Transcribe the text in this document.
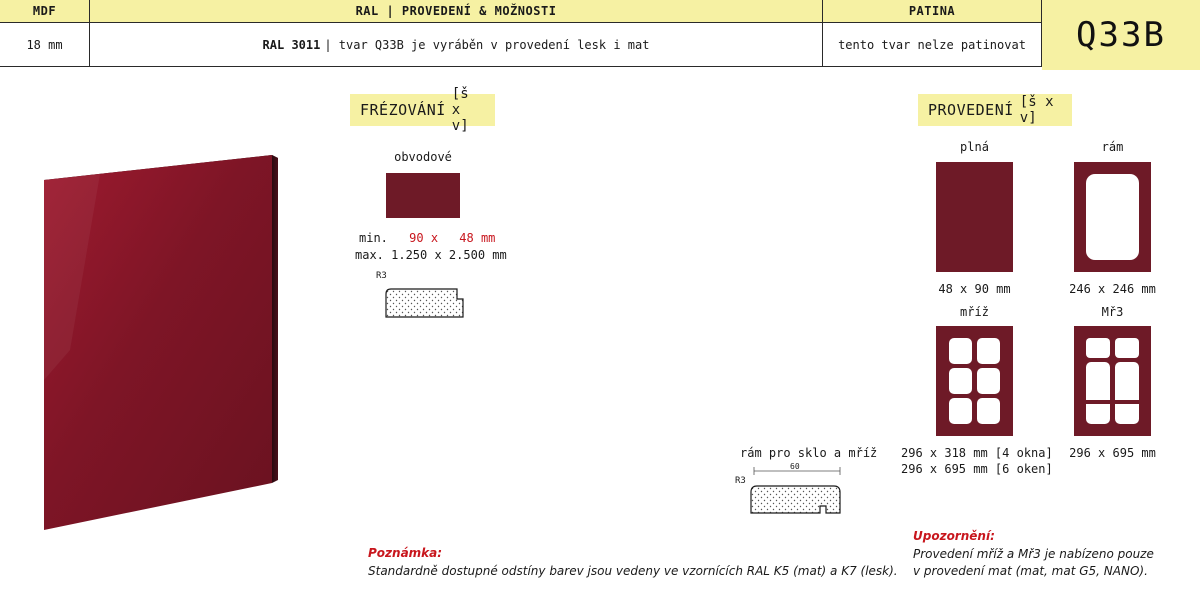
MDF	RAL | PROVEDENÍ & MOŽNOSTI	PATINA
18 mm	RAL 3011 | tvar Q33B je vyráběn v provedení lesk i mat	tento tvar nelze patinovat	Q33B
FRÉZOVÁNÍ
[š x v]
obvodové
min. 90 x 48 mm
max. 1.250 x 2.500 mm
R3
rám pro sklo a mříž
60
R3
PROVEDENÍ [š x v]
plná
48 x 90 mm
rám
246 x 246 mm
mříž
296 x 318 mm [4 okna]
296 x 695 mm [6 oken]
Mř3
296 x 695 mm
Poznámka:
Standardně dostupné odstíny barev jsou vedeny ve vzornících RAL K5 (mat) a K7 (lesk).
Upozornění:
Provedení mříž a Mř3 je nabízeno pouze
v provedení mat (mat, mat G5, NANO).
